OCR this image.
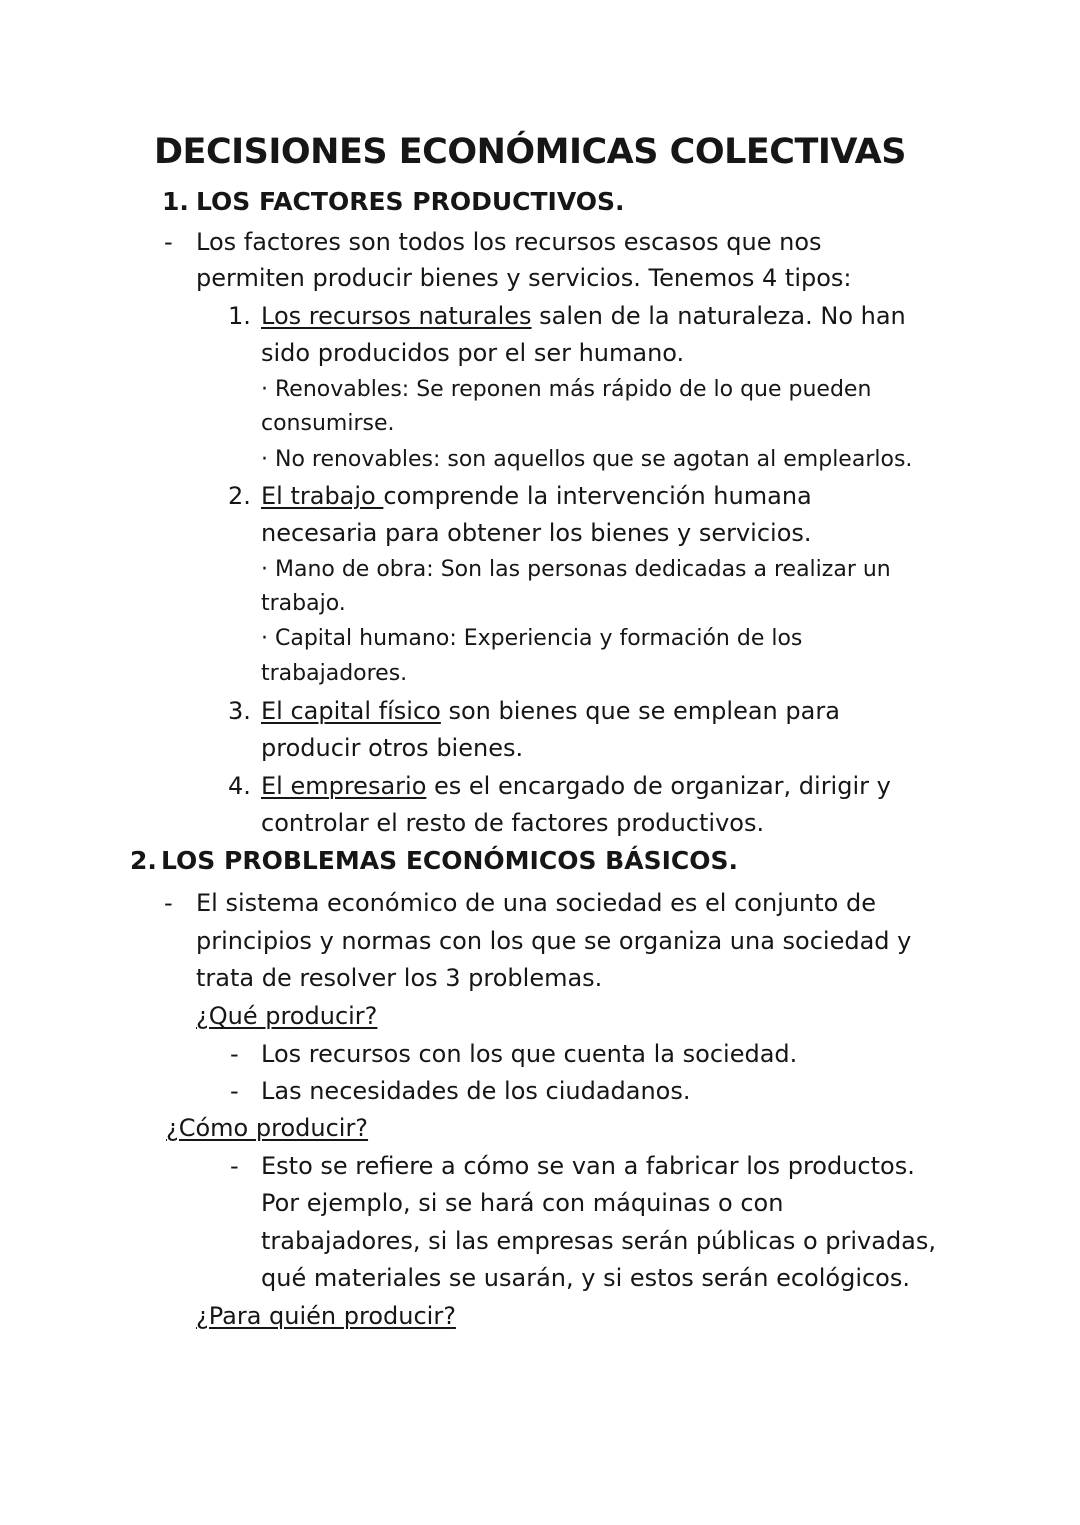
DECISIONES ECONÓMICAS COLECTIVAS
1. LOS FACTORES PRODUCTIVOS.
- Los factores son todos los recursos escasos que nos
permiten producir bienes y servicios. Tenemos 4 tipos:
1. Los recursos naturales salen de la naturaleza. No han
sido producidos por el ser humano.
· Renovables: Se reponen más rápido de lo que pueden
consumirse.
· No renovables: son aquellos que se agotan al emplearlos.
2. El trabajo comprende la intervención humana
necesaria para obtener los bienes y servicios.
· Mano de obra: Son las personas dedicadas a realizar un
trabajo.
· Capital humano: Experiencia y formación de los
trabajadores.
3. El capital físico son bienes que se emplean para
producir otros bienes.
4. El empresario es el encargado de organizar, dirigir y
controlar el resto de factores productivos.
2. LOS PROBLEMAS ECONÓMICOS BÁSICOS.
- El sistema económico de una sociedad es el conjunto de
principios y normas con los que se organiza una sociedad y
trata de resolver los 3 problemas.
¿Qué producir?
- Los recursos con los que cuenta la sociedad.
- Las necesidades de los ciudadanos.
¿Cómo producir?
- Esto se refiere a cómo se van a fabricar los productos.
Por ejemplo, si se hará con máquinas o con
trabajadores, si las empresas serán públicas o privadas,
qué materiales se usarán, y si estos serán ecológicos.
¿Para quién producir?
